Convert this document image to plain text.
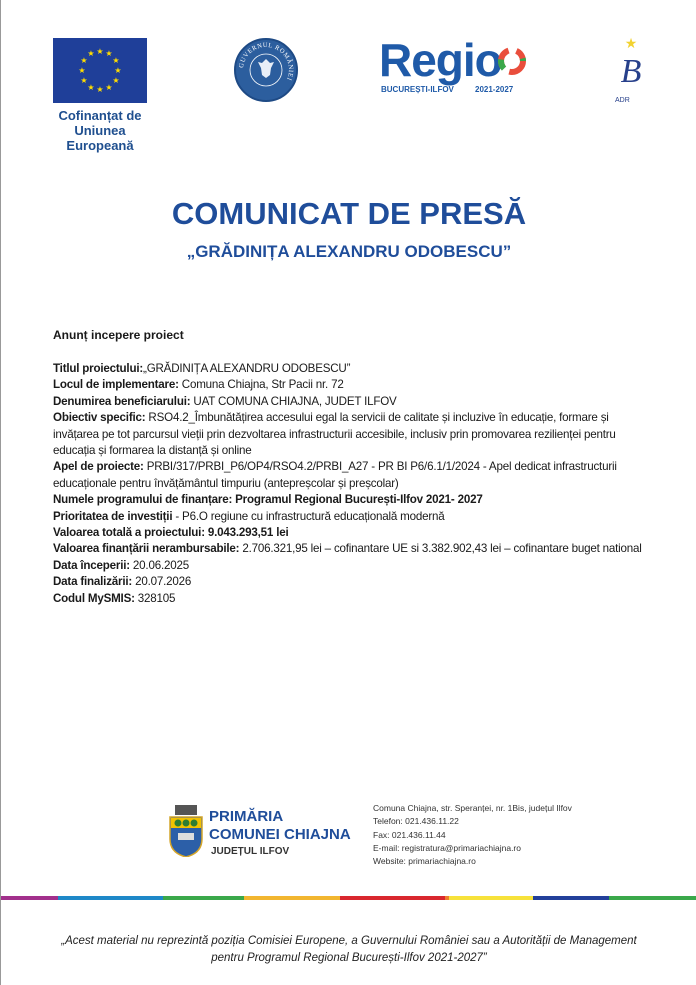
★ ★
★
★
★
★
★
★
★
★
★
★
Cofinanțat de
Uniunea Europeană
GUVERNUL ROMÂNIEI Regio
BUCUREȘTI-ILFOV	2021-2027
★
B
ADR
COMUNICAT DE PRESĂ
„GRĂDINIȚA ALEXANDRU ODOBESCU”
Anunț incepere proiect
Titlul proiectului:„GRĂDINIȚA ALEXANDRU ODOBESCU”
Locul de implementare: Comuna Chiajna, Str Pacii nr. 72
Denumirea beneficiarului: UAT COMUNA CHIAJNA, JUDET ILFOV
Obiectiv specific: RSO4.2_Îmbunătățirea accesului egal la servicii de calitate și incluzive în educație, formare și invățarea pe tot parcursul vieții prin dezvoltarea infrastructurii accesibile, inclusiv prin promovarea rezilienței pentru educația și formarea la distanță și online
Apel de proiecte: PRBI/317/PRBI_P6/OP4/RSO4.2/PRBI_A27 - PR BI P6/6.1/1/2024 - Apel dedicat infrastructurii educaționale pentru învățământul timpuriu (antepreșcolar și preșcolar)
Numele programului de finanțare: Programul Regional București-Ilfov 2021- 2027
Prioritatea de investiții - P6.O regiune cu infrastructură educațională modernă
Valoarea totală a proiectului: 9.043.293,51 lei
Valoarea finanțării nerambursabile: 2.706.321,95 lei – cofinantare UE si 3.382.902,43 lei – cofinantare buget national
Data începerii: 20.06.2025
Data finalizării: 20.07.2026
Codul MySMIS: 328105
PRIMĂRIA
COMUNEI CHIAJNA
JUDEȚUL ILFOV
Comuna Chiajna, str. Speranței, nr. 1Bis, județul Ilfov
Telefon: 021.436.11.22
Fax: 021.436.11.44
E-mail: registratura@primariachiajna.ro
Website: primariachiajna.ro
„Acest material nu reprezintă poziția Comisiei Europene, a Guvernului României sau a Autorității de Management
pentru Programul Regional București-Ilfov 2021-2027”
